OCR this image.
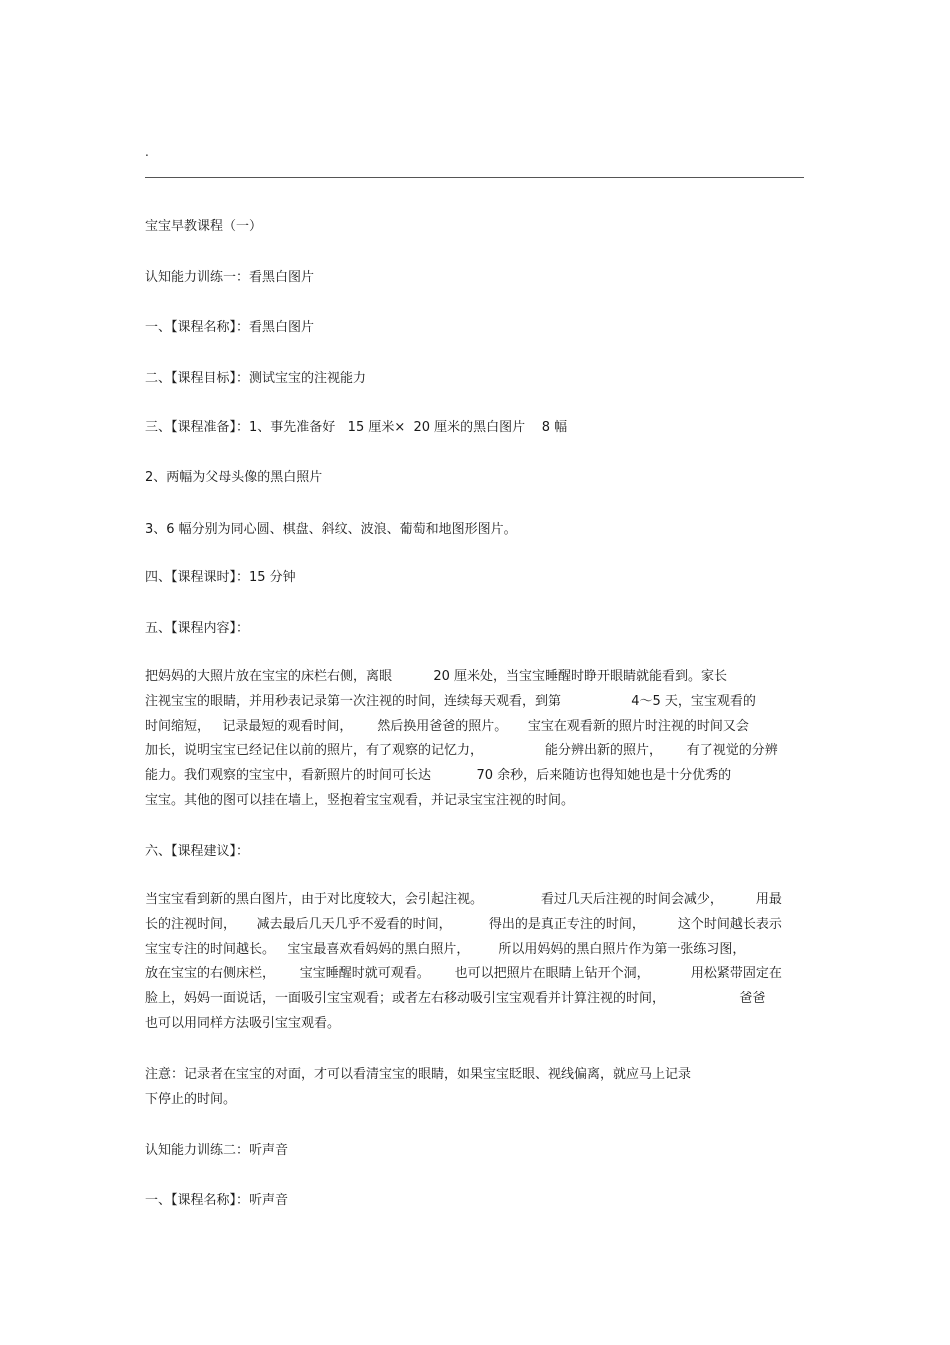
.
宝宝早教课程（一）
认知能力训练一：看黑白图片
一、【课程名称】：看黑白图片
二、【课程目标】：测试宝宝的注视能力
三、【课程准备】：1、事先准备好   15 厘米×  20 厘米的黑白图片    8 幅
2、两幅为父母头像的黑白照片
3、6 幅分别为同心圆、棋盘、斜纹、波浪、葡萄和地图形图片。
四、【课程课时】：15 分钟
五、【课程内容】：
把妈妈的大照片放在宝宝的床栏右侧，离眼          20 厘米处，当宝宝睡醒时睁开眼睛就能看到。家长
注视宝宝的眼睛，并用秒表记录第一次注视的时间，连续每天观看，到第                 4～5 天，宝宝观看的
时间缩短，   记录最短的观看时间，      然后换用爸爸的照片。     宝宝在观看新的照片时注视的时间又会
加长，说明宝宝已经记住以前的照片，有了观察的记忆力，               能分辨出新的照片，      有了视觉的分辨
能力。我们观察的宝宝中，看新照片的时间可长达           70 余秒，后来随访也得知她也是十分优秀的
宝宝。其他的图可以挂在墙上，竖抱着宝宝观看，并记录宝宝注视的时间。
六、【课程建议】：
当宝宝看到新的黑白图片，由于对比度较大，会引起注视。              看过几天后注视的时间会减少，        用最
长的注视时间，     减去最后几天几乎不爱看的时间，         得出的是真正专注的时间，        这个时间越长表示
宝宝专注的时间越长。   宝宝最喜欢看妈妈的黑白照片，       所以用妈妈的黑白照片作为第一张练习图，
放在宝宝的右侧床栏，      宝宝睡醒时就可观看。      也可以把照片在眼睛上钻开个洞，          用松紧带固定在
脸上，妈妈一面说话，一面吸引宝宝观看；或者左右移动吸引宝宝观看并计算注视的时间，                  爸爸
也可以用同样方法吸引宝宝观看。
注意：记录者在宝宝的对面，才可以看清宝宝的眼睛，如果宝宝眨眼、视线偏离，就应马上记录
下停止的时间。
认知能力训练二：听声音
一、【课程名称】：听声音
